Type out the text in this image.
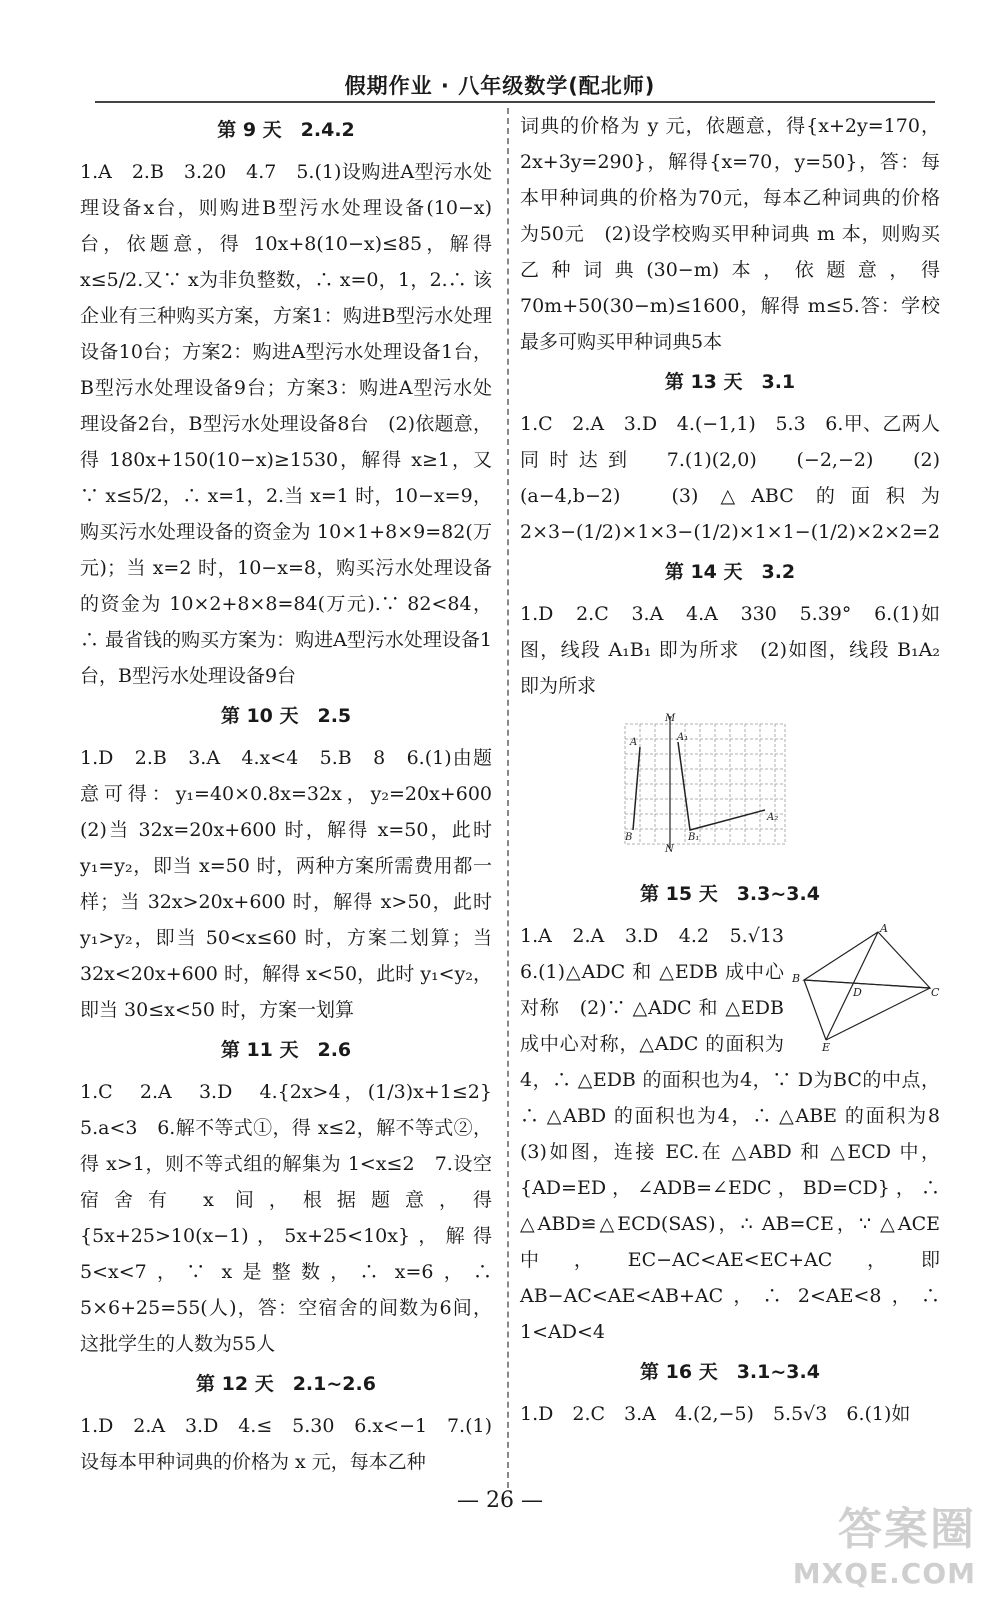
假期作业 · 八年级数学(配北师)
第 9 天　2.4.2

1.A　2.B　3.20　4.7　5.(1)设购进A型污水处理设备x台，则购进B型污水处理设备(10−x)台，依题意，得 10x+8(10−x)≤85，解得 x≤5/2.又∵ x为非负整数，∴ x=0，1，2.∴ 该企业有三种购买方案，方案1：购进B型污水处理设备10台；方案2：购进A型污水处理设备1台，B型污水处理设备9台；方案3：购进A型污水处理设备2台，B型污水处理设备8台　(2)依题意，得 180x+150(10−x)≥1530，解得 x≥1，又∵ x≤5/2，∴ x=1，2.当 x=1 时，10−x=9，购买污水处理设备的资金为 10×1+8×9=82(万元)；当 x=2 时，10−x=8，购买污水处理设备的资金为 10×2+8×8=84(万元).∵ 82<84，∴ 最省钱的购买方案为：购进A型污水处理设备1台，B型污水处理设备9台

第 10 天　2.5

1.D　2.B　3.A　4.x<4　5.B　8　6.(1)由题意可得：y₁=40×0.8x=32x，y₂=20x+600　(2)当 32x=20x+600 时，解得 x=50，此时 y₁=y₂，即当 x=50 时，两种方案所需费用都一样；当 32x>20x+600 时，解得 x>50，此时 y₁>y₂，即当 50<x≤60 时，方案二划算；当 32x<20x+600 时，解得 x<50，此时 y₁<y₂，即当 30≤x<50 时，方案一划算

第 11 天　2.6

1.C　2.A　3.D　4.{2x>4，(1/3)x+1≤2}　5.a<3　6.解不等式①，得 x≤2，解不等式②，得 x>1，则不等式组的解集为 1<x≤2　7.设空宿舍有 x 间，根据题意，得{5x+25>10(x−1)，5x+25<10x}，解得 5<x<7，∵ x是整数，∴ x=6，∴ 5×6+25=55(人)，答：空宿舍的间数为6间，这批学生的人数为55人

第 12 天　2.1~2.6

1.D　2.A　3.D　4.≤　5.30　6.x<−1　7.(1)设每本甲种词典的价格为 x 元，每本乙种

词典的价格为 y 元，依题意，得{x+2y=170，2x+3y=290}，解得{x=70，y=50}，答：每本甲种词典的价格为70元，每本乙种词典的价格为50元　(2)设学校购买甲种词典 m 本，则购买乙种词典(30−m)本，依题意，得 70m+50(30−m)≤1600，解得 m≤5.答：学校最多可购买甲种词典5本

第 13 天　3.1

1.C　2.A　3.D　4.(−1,1)　5.3　6.甲、乙两人同时达到　7.(1)(2,0)　(−2,−2)　(2)(a−4,b−2)　(3) △ABC 的面积为 2×3−(1/2)×1×3−(1/2)×1×1−(1/2)×2×2=2

第 14 天　3.2

1.D　2.C　3.A　4.A　330　5.39°　6.(1)如图，线段 A₁B₁ 即为所求　(2)如图，线段 B₁A₂ 即为所求

M
N
A
B
A₁
B₁
A₂
第 15 天　3.3~3.4
A
B
C
D
E

1.A　2.A　3.D　4.2　5.√13　6.(1)△ADC 和 △EDB 成中心对称　(2)∵ △ADC 和 △EDB 成中心对称，△ADC 的面积为4，∴ △EDB 的面积也为4，∵ D为BC的中点，∴ △ABD 的面积也为4，∴ △ABE 的面积为8　(3)如图，连接 EC.在 △ABD 和 △ECD 中，{AD=ED，∠ADB=∠EDC，BD=CD}，∴ △ABD≌△ECD(SAS)，∴ AB=CE，∵ △ACE 中，EC−AC<AE<EC+AC，即 AB−AC<AE<AB+AC，∴ 2<AE<8，∴ 1<AD<4

第 16 天　3.1~3.4

1.D　2.C　3.A　4.(2,−5)　5.5√3　6.(1)如

— 26 —
答案圈
MXQE.COM
